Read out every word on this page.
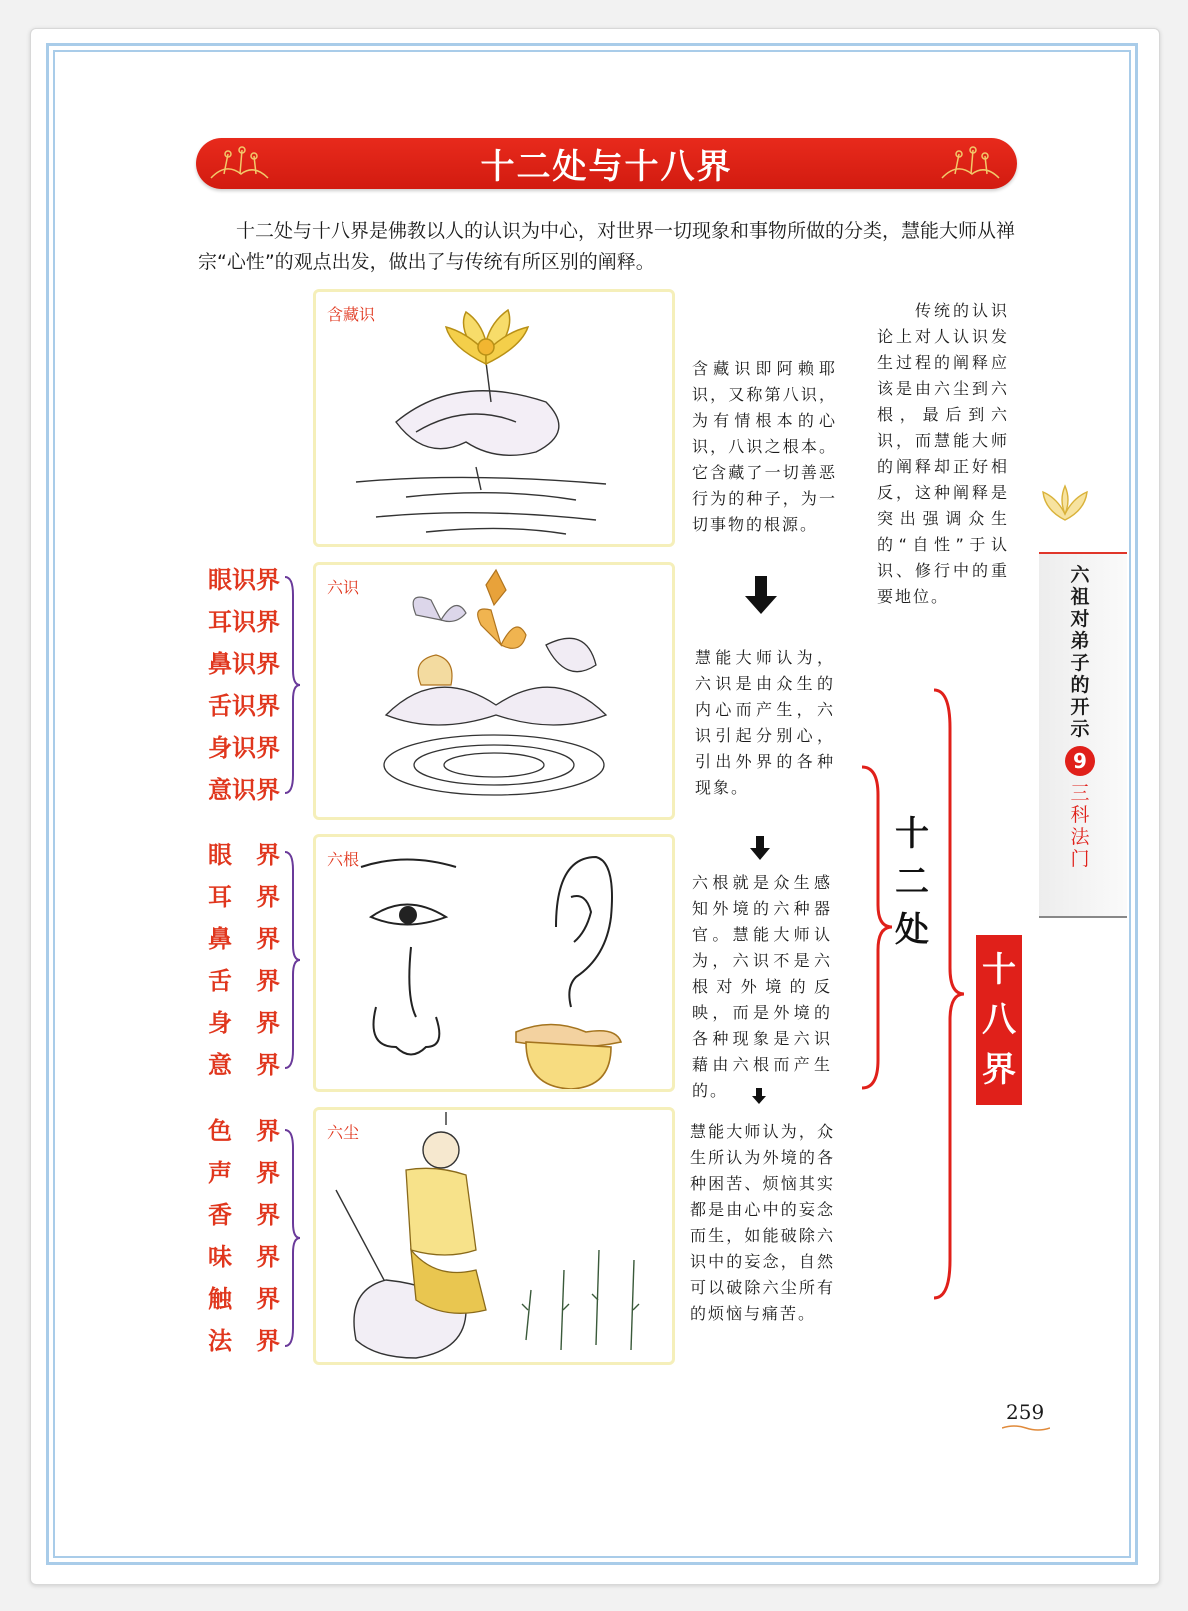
十二处与十八界

十二处与十八界是佛教以人的认识为中心，对世界一切现象和事物所做的分类，慧能大师从禅宗“心性”的观点出发，做出了与传统有所区别的阐释。

含藏识

含藏识即阿赖耶识，又称第八识，为有情根本的心识，八识之根本。它含藏了一切善恶行为的种子，为一切事物的根源。

六识

慧能大师认为，六识是由众生的内心而产生，六识引起分别心，引出外界的各种现象。

六根

六根就是众生感知外境的六种器官。慧能大师认为，六识不是六根对外境的反映，而是外境的各种现象是六识藉由六根而产生的。

六尘	慧能大师认为，众生所认为外境的各种困苦、烦恼其实都是由心中的妄念而生，如能破除六识中的妄念，自然可以破除六尘所有的烦恼与痛苦。

眼识界
耳识界
鼻识界
舌识界
身识界
意识界
眼　界
耳　界
鼻　界
舌　界
身　界
意　界
色　界
声　界
香　界
味　界
触　界
法　界

传统的认识论上对人认识发生过程的阐释应该是由六尘到六根，最后到六识，而慧能大师的阐释却正好相反，这种阐释是突出强调众生的“自性”于认识、修行中的重要地位。

十
二
处
十
八
界
六
祖
对
弟
子
的
开
示
9
三
科
法
门
259
